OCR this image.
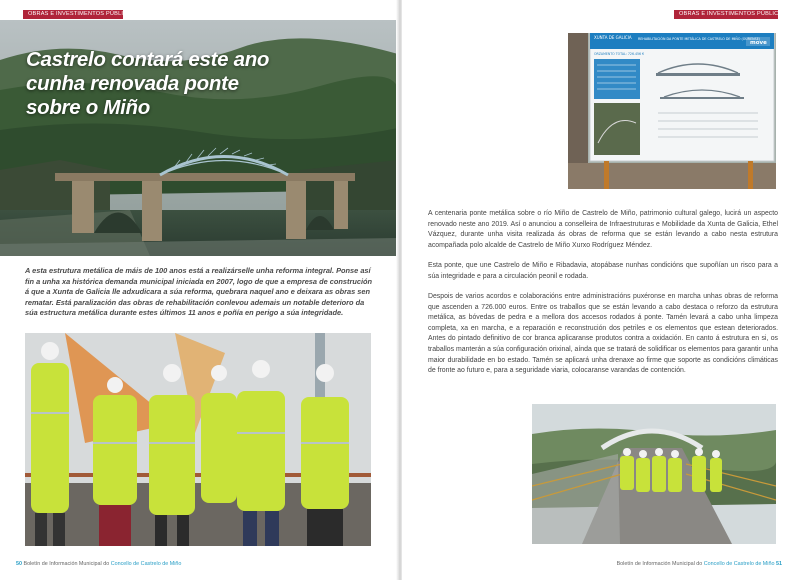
OBRAS E INVESTIMENTOS PÚBLICOS
Castrelo contará este ano
cunha renovada ponte
sobre o Miño

A esta estrutura metálica de máis de 100 anos está a realizárselle unha reforma integral. Ponse así fin a unha xa histórica demanda municipal iniciada en 2007, logo de que a empresa de construción á que a Xunta de Galicia lle adxudicara a súa reforma, quebrara naquel ano e deixara as obras sen rematar. Está paralización das obras de rehabilitación conlevou ademais un notable deterioro da súa estructura metálica durante estes últimos 11 anos e poñía en perigo a súa integridade.

50 Boletín de Información Municipal do Concello de Castrelo de Miño
OBRAS E INVESTIMENTOS PÚBLICOS
XUNTA DE GALICIA REHABILITACIÓN DA PONTE METÁLICA DE CASTRELO DE MIÑO (OURENSE)
ORZAMENTO TOTAL: 726.456 €
move

A centenaria ponte metálica sobre o río Miño de Castrelo de Miño, patrimonio cultural galego, lucirá un aspecto renovado neste ano 2019. Así o anunciou a conselleira de Infraestruturas e Mobilidade da Xunta de Galicia, Ethel Vázquez, durante unha visita realizada ás obras de reforma que se están levando a cabo nesta estrutura acompañada polo alcalde de Castrelo de Miño Xurxo Rodríguez Méndez.

Esta ponte, que une Castrelo de Miño e Ribadavia, atopábase nunhas condicións que supoñían un risco para a súa integridade e para a circulación peonil e rodada.

Despois de varios acordos e colaboracións entre administracións puxéronse en marcha unhas obras de reforma que ascenden a 726.000 euros. Entre os traballos que se están levando a cabo destaca o reforzo da estrutura metálica, as bóvedas de pedra e a mellora dos accesos rodados á ponte. Tamén levará a cabo unha limpeza completa, xa en marcha, e a reparación e reconstrución dos petriles e os elementos que estean deteriorados. Antes do pintado definitivo de cor branca aplicaranse produtos contra a oxidación. En canto á estrutura en si, os traballos manterán a súa configuración orixinal, aínda que se tratará de solidificar os elementos para garantir unha maior durabilidade en bo estado. Tamén se aplicará unha drenaxe ao firme que soporte as condicións climáticas de fronte ao futuro e, para a seguridade viaria, colocaranse varandas de contención.

Boletín de Información Municipal do Concello de Castrelo de Miño 51
